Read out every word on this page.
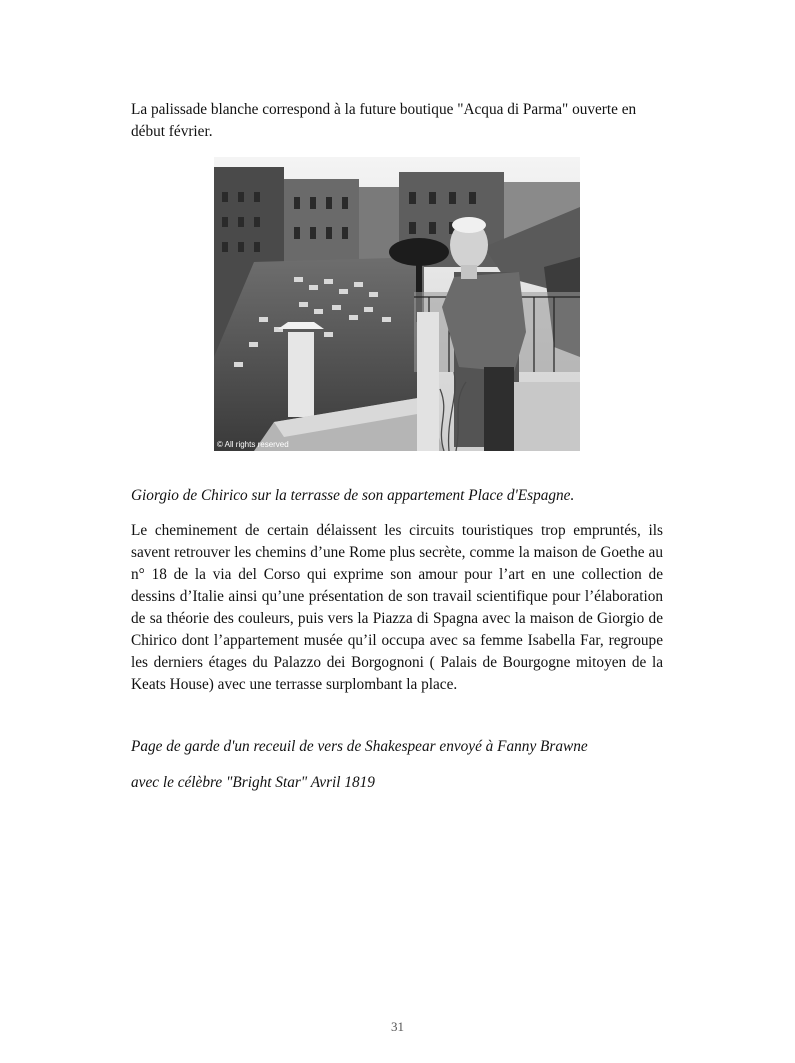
La palissade blanche correspond à la future boutique "Acqua di Parma" ouverte en début février.

© All rights reserved

Giorgio de Chirico sur la terrasse de son appartement Place d'Espagne.

Le cheminement de certain délaissent les circuits touristiques trop empruntés, ils savent retrouver les chemins d’une Rome plus secrète, comme la maison de Goethe au n° 18 de la via del Corso qui exprime son amour pour l’art en une collection de dessins d’Italie ainsi qu’une présentation de son travail scientifique pour l’élaboration de sa théorie des couleurs, puis vers la Piazza di Spagna avec la maison de Giorgio de Chirico dont l’appartement musée qu’il occupa avec sa femme Isabella Far, regroupe les derniers étages du Palazzo dei Borgognoni ( Palais de Bourgogne mitoyen de la Keats House) avec une terrasse surplombant la place.

Page de garde d'un receuil de vers de Shakespear envoyé à Fanny Brawne

avec le célèbre "Bright Star" Avril 1819

31
